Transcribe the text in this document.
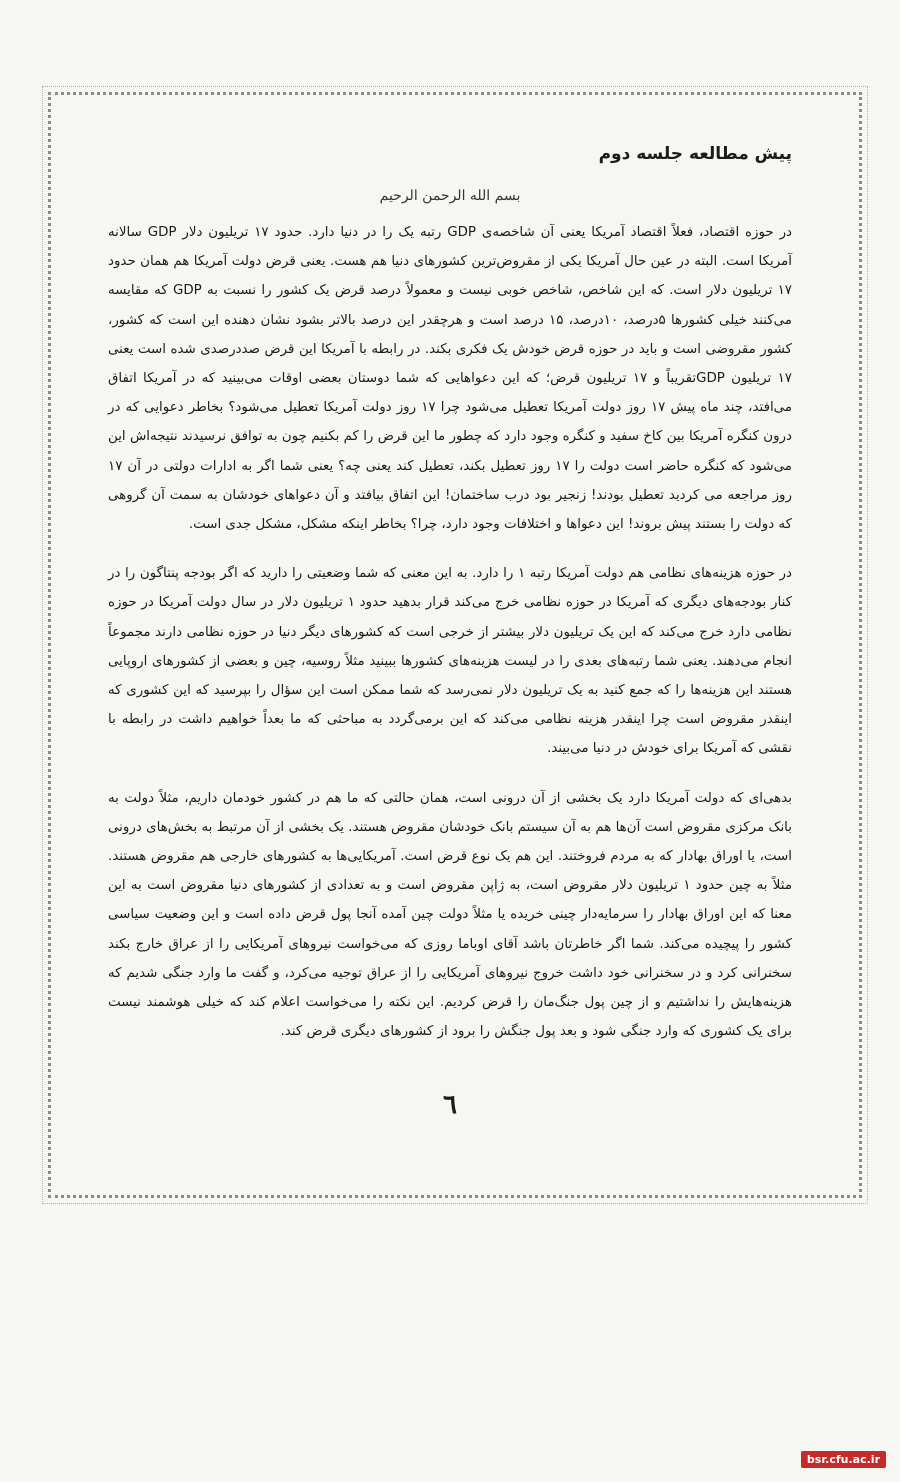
پیش مطالعه جلسه دوم
بسم الله الرحمن الرحیم

در حوزه اقتصاد، فعلاً اقتصاد آمریکا یعنی آن شاخصه‌ی GDP رتبه یک را در دنیا دارد. حدود ۱۷ تریلیون دلار GDP سالانه آمریکا است. البته در عین حال آمریکا یکی از مقروض‌ترین کشورهای دنیا هم هست. یعنی قرض دولت آمریکا هم همان حدود ۱۷ تریلیون دلار است. که این شاخص، شاخص خوبی نیست و معمولاً درصد قرض یک کشور را نسبت به GDP که مقایسه می‌کنند خیلی کشورها ۵درصد، ۱۰درصد، ۱۵ درصد است و هرچقدر این درصد بالاتر بشود نشان دهنده این است که کشور، کشور مقروضی است و باید در حوزه قرض خودش یک فکری بکند. در رابطه با آمریکا این قرض صددرصدی شده است یعنی ۱۷ تریلیون GDPتقریباً و ۱۷ تریلیون قرض؛ که این دعواهایی که شما دوستان بعضی اوقات می‌بینید که در آمریکا اتفاق می‌افتد، چند ماه پیش ۱۷ روز دولت آمریکا تعطیل می‌شود چرا ۱۷ روز دولت آمریکا تعطیل می‌شود؟ بخاطر دعوایی که در درون کنگره آمریکا بین کاخ سفید و کنگره وجود دارد که چطور ما این قرض را کم بکنیم چون به توافق نرسیدند نتیجه‌اش این می‌شود که کنگره حاضر است دولت را ۱۷ روز تعطیل بکند، تعطیل کند یعنی چه؟ یعنی شما اگر به ادارات دولتی در آن ۱۷ روز مراجعه می کردید تعطیل بودند! زنجیر بود درب ساختمان! این اتفاق بیافتد و آن دعواهای خودشان به سمت آن گروهی که دولت را بستند پیش بروند! این دعواها و اختلافات وجود دارد، چرا؟ بخاطر اینکه مشکل، مشکل جدی است.

در حوزه هزینه‌های نظامی هم دولت آمریکا رتبه ۱ را دارد. به این معنی که شما وضعیتی را دارید که اگر بودجه پنتاگون را در کنار بودجه‌های دیگری که آمریکا در حوزه نظامی خرج می‌کند قرار بدهید حدود ۱ تریلیون دلار در سال دولت آمریکا در حوزه نظامی دارد خرج می‌کند که این یک تریلیون دلار بیشتر از خرجی است که کشورهای دیگر دنیا در حوزه نظامی دارند مجموعاً انجام می‌دهند. یعنی شما رتبه‌های بعدی را در لیست هزینه‌های کشورها ببینید مثلاً روسیه، چین و بعضی از کشورهای اروپایی هستند این هزینه‌ها را که جمع کنید به یک تریلیون دلار نمی‌رسد که شما ممکن است این سؤال را بپرسید که این کشوری که اینقدر مقروض است چرا اینقدر هزینه نظامی می‌کند که این برمی‌گردد به مباحثی که ما بعداً خواهیم داشت در رابطه با نقشی که آمریکا برای خودش در دنیا می‌بیند.

بدهی‌ای که دولت آمریکا دارد یک بخشی از آن درونی است، همان حالتی که ما هم در کشور خودمان داریم، مثلاً دولت به بانک مرکزی مقروض است آن‌ها هم به آن سیستم بانک خودشان مقروض هستند. یک بخشی از آن مرتبط به بخش‌های درونی است، یا اوراق بهادار که به مردم فروختند. این هم یک نوع قرض است. آمریکایی‌ها به کشورهای خارجی هم مقروض هستند. مثلاً به چین حدود ۱ تریلیون دلار مقروض است، به ژاپن مقروض است و به تعدادی از کشورهای دنیا مقروض است به این معنا که این اوراق بهادار را سرمایه‌دار چینی خریده یا مثلاً دولت چین آمده آنجا پول قرض داده است و این وضعیت سیاسی کشور را پیچیده می‌کند. شما اگر خاطرتان باشد آقای اوباما روزی که می‌خواست نیروهای آمریکایی را از عراق خارج بکند سخنرانی کرد و در سخنرانی خود داشت خروج نیروهای آمریکایی را از عراق توجیه می‌کرد، و گفت ما وارد جنگی شدیم که هزینه‌هایش را نداشتیم و از چین پول جنگ‌مان را قرض کردیم. این نکته را می‌خواست اعلام کند که خیلی هوشمند نیست برای یک کشوری که وارد جنگی شود و بعد پول جنگش را برود از کشورهای دیگری قرض کند.

٦
bsr.cfu.ac.ir
